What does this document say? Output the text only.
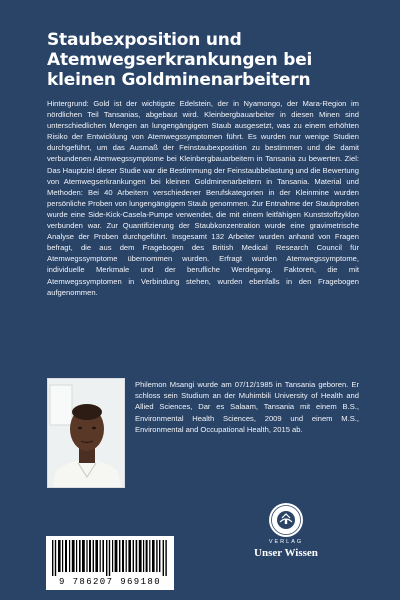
Staubexposition und Atemwegserkrankungen bei kleinen Goldminenarbeitern
Hintergrund: Gold ist der wichtigste Edelstein, der in Nyamongo, der Mara-Region im nördlichen Teil Tansanias, abgebaut wird. Kleinbergbauarbeiter in diesen Minen sind unterschiedlichen Mengen an lungengängigem Staub ausgesetzt, was zu einem erhöhten Risiko der Entwicklung von Atemwegssymptomen führt. Es wurden nur wenige Studien durchgeführt, um das Ausmaß der Feinstaubexposition zu bestimmen und die damit verbundenen Atemwegssymptome bei Kleinbergbauarbeitern in Tansania zu bewerten. Ziel: Das Hauptziel dieser Studie war die Bestimmung der Feinstaubbelastung und die Bewertung von Atemwegserkrankungen bei kleinen Goldminenarbeitern in Tansania. Material und Methoden: Bei 40 Arbeitern verschiedener Berufskategorien in der Kleinmine wurden persönliche Proben von lungengängigem Staub genommen. Zur Entnahme der Staubproben wurde eine Side-Kick-Casela-Pumpe verwendet, die mit einem leitfähigen Kunststoffzyklon verbunden war. Zur Quantifizierung der Staubkonzentration wurde eine gravimetrische Analyse der Proben durchgeführt. Insgesamt 132 Arbeiter wurden anhand von Fragen befragt, die aus dem Fragebogen des British Medical Research Council für Atemwegssymptome übernommen wurden. Erfragt wurden Atemwegssymptome, individuelle Merkmale und der berufliche Werdegang. Faktoren, die mit Atemwegssymptomen in Verbindung stehen, wurden ebenfalls in den Fragebogen aufgenommen.
Philemon Msangi wurde am 07/12/1985 in Tansania geboren. Er schloss sein Studium an der Muhimbili University of Health and Allied Sciences, Dar es Salaam, Tansania mit einem B.S., Environmental Health Sciences, 2009 und einem M.S., Environmental and Occupational Health, 2015 ab.
9 786207 969180
VERLAG
Unser Wissen
